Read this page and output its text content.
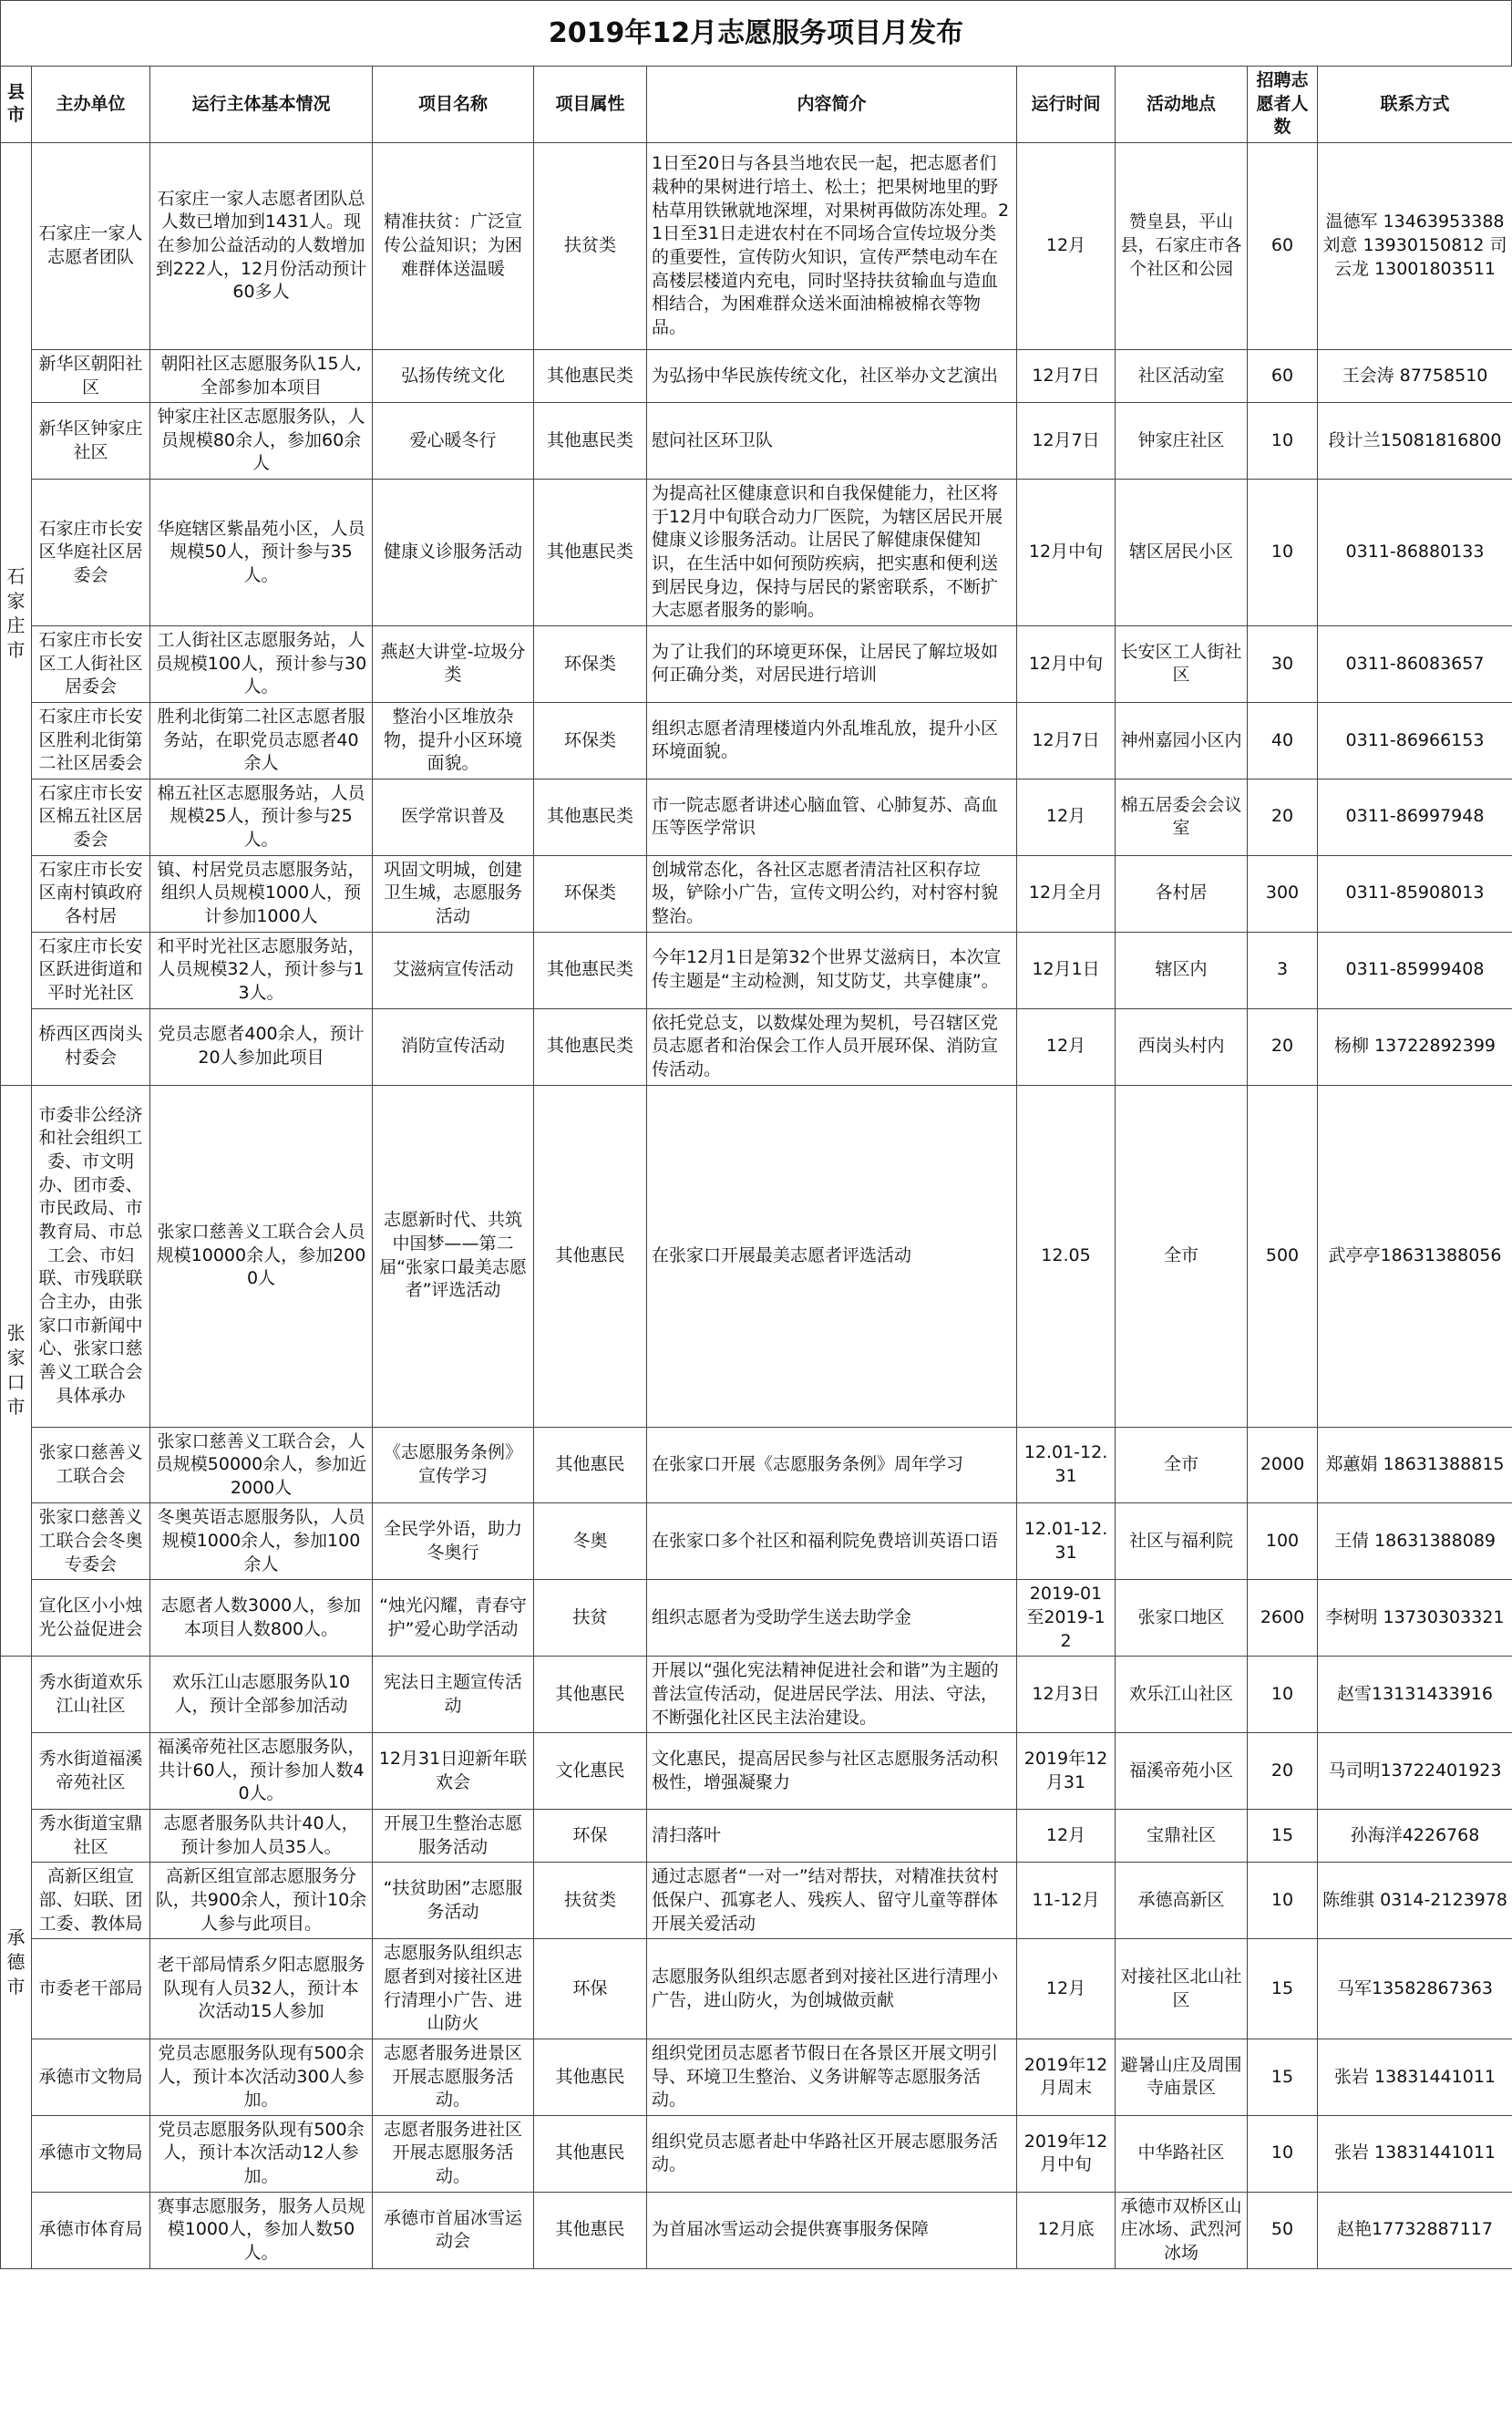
2019年12月志愿服务项目月发布
县市	主办单位	运行主体基本情况	项目名称	项目属性	内容简介	运行时间	活动地点	招聘志愿者人数	联系方式
石家庄市	石家庄一家人志愿者团队	石家庄一家人志愿者团队总人数已增加到1431人。现在参加公益活动的人数增加到222人，12月份活动预计60多人	精准扶贫：广泛宣传公益知识；为困难群体送温暖	扶贫类	1日至20日与各县当地农民一起，把志愿者们栽种的果树进行培土、松土；把果树地里的野枯草用铁锹就地深埋，对果树再做防冻处理。21日至31日走进农村在不同场合宣传垃圾分类的重要性，宣传防火知识，宣传严禁电动车在高楼层楼道内充电，同时坚持扶贫输血与造血相结合，为困难群众送米面油棉被棉衣等物品。	12月	赞皇县，平山县，石家庄市各个社区和公园	60	温德军 13463953388 刘意 13930150812 司云龙 13001803511
	新华区朝阳社区	朝阳社区志愿服务队15人,全部参加本项目	弘扬传统文化	其他惠民类	为弘扬中华民族传统文化，社区举办文艺演出	12月7日	社区活动室	60	王会涛 87758510
	新华区钟家庄社区	钟家庄社区志愿服务队，人员规模80余人，参加60余人	爱心暖冬行	其他惠民类	慰问社区环卫队	12月7日	钟家庄社区	10	段计兰15081816800
	石家庄市长安区华庭社区居委会	华庭辖区紫晶苑小区，人员规模50人，预计参与35人。	健康义诊服务活动	其他惠民类	为提高社区健康意识和自我保健能力，社区将于12月中旬联合动力厂医院，为辖区居民开展健康义诊服务活动。让居民了解健康保健知识，在生活中如何预防疾病，把实惠和便利送到居民身边，保持与居民的紧密联系，不断扩大志愿者服务的影响。	12月中旬	辖区居民小区	10	0311-86880133
	石家庄市长安区工人街社区居委会	工人街社区志愿服务站，人员规模100人，预计参与30人。	燕赵大讲堂-垃圾分类	环保类	为了让我们的环境更环保，让居民了解垃圾如何正确分类，对居民进行培训	12月中旬	长安区工人街社区	30	0311-86083657
	石家庄市长安区胜利北街第二社区居委会	胜利北街第二社区志愿者服务站，在职党员志愿者40余人	整治小区堆放杂物，提升小区环境面貌。	环保类	组织志愿者清理楼道内外乱堆乱放，提升小区环境面貌。	12月7日	神州嘉园小区内	40	0311-86966153
	石家庄市长安区棉五社区居委会	棉五社区志愿服务站，人员规模25人，预计参与25人。	医学常识普及	其他惠民类	市一院志愿者讲述心脑血管、心肺复苏、高血压等医学常识	12月	棉五居委会会议室	20	0311-86997948
	石家庄市长安区南村镇政府 各村居	镇、村居党员志愿服务站，组织人员规模1000人，预计参加1000人	巩固文明城，创建卫生城，志愿服务活动	环保类	创城常态化，各社区志愿者清洁社区积存垃圾，铲除小广告，宣传文明公约，对村容村貌整治。	12月全月	各村居	300	0311-85908013
	石家庄市长安区跃进街道和平时光社区	和平时光社区志愿服务站，人员规模32人，预计参与13人。	艾滋病宣传活动	其他惠民类	今年12月1日是第32个世界艾滋病日，本次宣传主题是“主动检测，知艾防艾，共享健康”。	12月1日	辖区内	3	0311-85999408
	桥西区西岗头村委会	党员志愿者400余人，预计20人参加此项目	消防宣传活动	其他惠民类	依托党总支，以数煤处理为契机，号召辖区党员志愿者和治保会工作人员开展环保、消防宣传活动。	12月	西岗头村内	20	杨柳 13722892399
张家口市	市委非公经济和社会组织工委、市文明办、团市委、市民政局、市教育局、市总工会、市妇联、市残联联合主办，由张家口市新闻中心、张家口慈善义工联合会具体承办	张家口慈善义工联合会人员规模10000余人，参加2000人	志愿新时代、共筑中国梦——第二届“张家口最美志愿者”评选活动	其他惠民	在张家口开展最美志愿者评选活动	12.05	全市	500	武亭亭18631388056
	张家口慈善义工联合会	张家口慈善义工联合会，人员规模50000余人，参加近2000人	《志愿服务条例》宣传学习	其他惠民	在张家口开展《志愿服务条例》周年学习	12.01-12.31	全市	2000	郑蕙娟 18631388815
	张家口慈善义工联合会冬奥专委会	冬奥英语志愿服务队，人员规模1000余人，参加100余人	全民学外语，助力冬奥行	冬奥	在张家口多个社区和福利院免费培训英语口语	12.01-12.31	社区与福利院	100	王倩 18631388089
	宣化区小小烛光公益促进会	志愿者人数3000人，参加本项目人数800人。	“烛光闪耀，青春守护”爱心助学活动	扶贫	组织志愿者为受助学生送去助学金	2019-01至2019-12	张家口地区	2600	李树明 13730303321
承德市	秀水街道欢乐江山社区	欢乐江山志愿服务队10人，预计全部参加活动	宪法日主题宣传活动	其他惠民	开展以“强化宪法精神促进社会和谐”为主题的普法宣传活动，促进居民学法、用法、守法，不断强化社区民主法治建设。	12月3日	欢乐江山社区	10	赵雪13131433916
	秀水街道福溪帝苑社区	福溪帝苑社区志愿服务队，共计60人，预计参加人数40人。	12月31日迎新年联欢会	文化惠民	文化惠民，提高居民参与社区志愿服务活动积极性，增强凝聚力	2019年12月31	福溪帝苑小区	20	马司明13722401923
	秀水街道宝鼎社区	志愿者服务队共计40人，预计参加人员35人。	开展卫生整治志愿服务活动	环保	清扫落叶	12月	宝鼎社区	15	孙海洋4226768
	高新区组宣部、妇联、团工委、教体局	高新区组宣部志愿服务分队，共900余人，预计10余人参与此项目。	“扶贫助困”志愿服务活动	扶贫类	通过志愿者“一对一”结对帮扶，对精准扶贫村低保户、孤寡老人、残疾人、留守儿童等群体开展关爱活动	11-12月	承德高新区	10	陈维骐 0314-2123978
	市委老干部局	老干部局情系夕阳志愿服务队现有人员32人，预计本次活动15人参加	志愿服务队组织志愿者到对接社区进行清理小广告、进山防火	环保	志愿服务队组织志愿者到对接社区进行清理小广告，进山防火，为创城做贡献	12月	对接社区北山社区	15	马军13582867363
	承德市文物局	党员志愿服务队现有500余人，预计本次活动300人参加。	志愿者服务进景区开展志愿服务活动。	其他惠民	组织党团员志愿者节假日在各景区开展文明引导、环境卫生整治、义务讲解等志愿服务活动。	2019年12月周末	避暑山庄及周围寺庙景区	15	张岩 13831441011
	承德市文物局	党员志愿服务队现有500余人，预计本次活动12人参加。	志愿者服务进社区开展志愿服务活动。	其他惠民	组织党员志愿者赴中华路社区开展志愿服务活动。	2019年12月中旬	中华路社区	10	张岩 13831441011
	承德市体育局	赛事志愿服务，服务人员规模1000人，参加人数50人。	承德市首届冰雪运动会	其他惠民	为首届冰雪运动会提供赛事服务保障	12月底	承德市双桥区山庄冰场、武烈河冰场	50	赵艳17732887117
